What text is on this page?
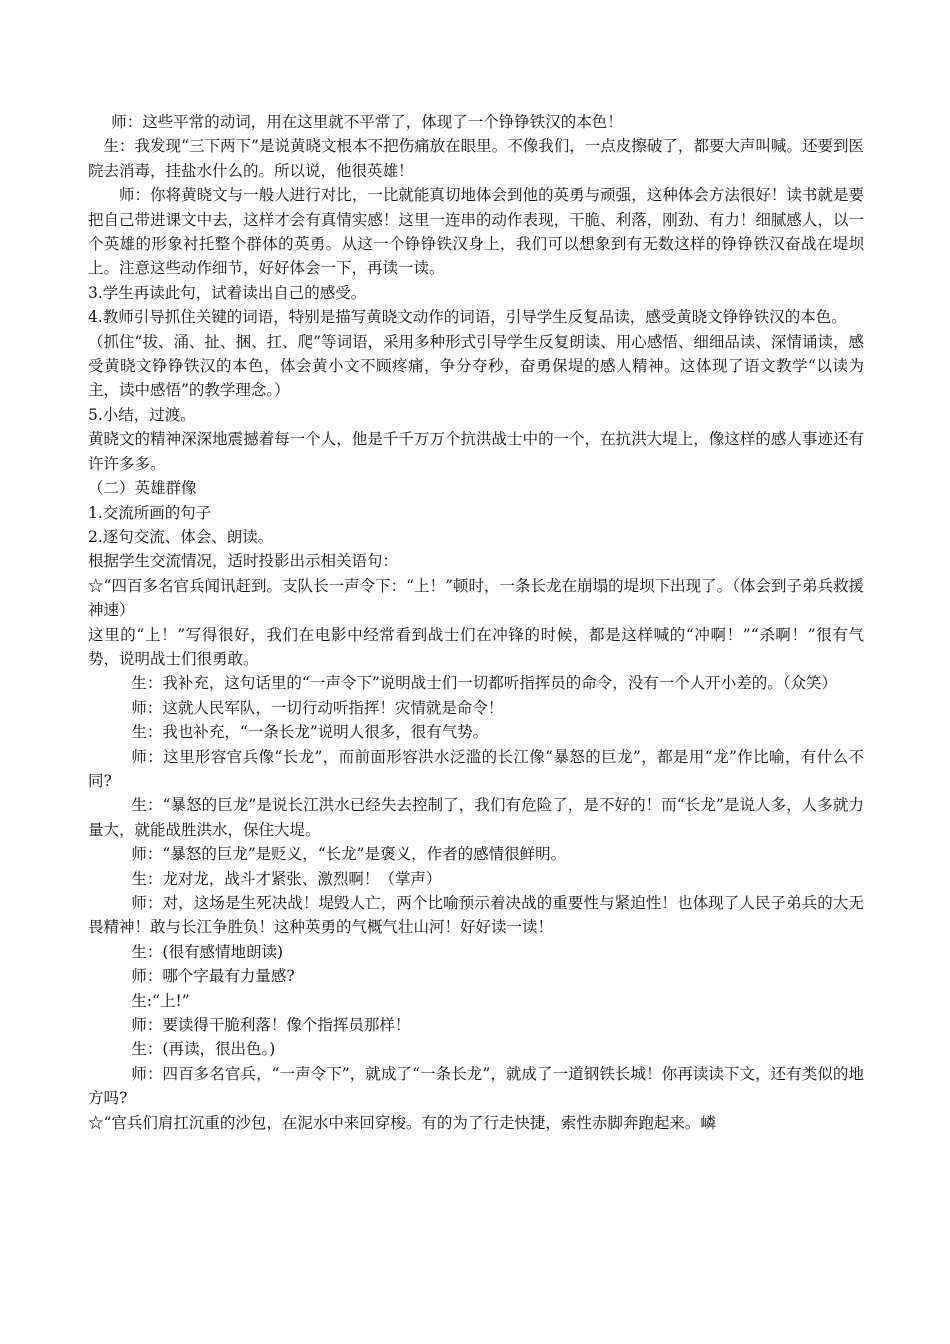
师：这些平常的动词，用在这里就不平常了，体现了一个铮铮铁汉的本色！

生：我发现“三下两下”是说黄晓文根本不把伤痛放在眼里。不像我们，一点皮擦破了，都要大声叫喊。还要到医院去消毒，挂盐水什么的。所以说，他很英雄！

师：你将黄晓文与一般人进行对比，一比就能真切地体会到他的英勇与顽强，这种体会方法很好！读书就是要把自己带进课文中去，这样才会有真情实感！这里一连串的动作表现，干脆、利落，刚劲、有力！细腻感人，以一个英雄的形象衬托整个群体的英勇。从这一个铮铮铁汉身上，我们可以想象到有无数这样的铮铮铁汉奋战在堤坝上。注意这些动作细节，好好体会一下，再读一读。

3.学生再读此句，试着读出自己的感受。

4.教师引导抓住关键的词语，特别是描写黄晓文动作的词语，引导学生反复品读，感受黄晓文铮铮铁汉的本色。

（抓住“拔、涌、扯、捆、扛、爬”等词语，采用多种形式引导学生反复朗读、用心感悟、细细品读、深情诵读，感受黄晓文铮铮铁汉的本色，体会黄小文不顾疼痛，争分夺秒，奋勇保堤的感人精神。这体现了语文教学“以读为主，读中感悟”的教学理念。）

5.小结，过渡。

黄晓文的精神深深地震撼着每一个人，他是千千万万个抗洪战士中的一个，在抗洪大堤上，像这样的感人事迹还有许许多多。

（二）英雄群像

1.交流所画的句子

2.逐句交流、体会、朗读。

根据学生交流情况，适时投影出示相关语句：

☆“四百多名官兵闻讯赶到。支队长一声令下：“上！”顿时，一条长龙在崩塌的堤坝下出现了。（体会到子弟兵救援神速）

这里的“上！”写得很好，我们在电影中经常看到战士们在冲锋的时候，都是这样喊的“冲啊！”“杀啊！”很有气势，说明战士们很勇敢。

生：我补充，这句话里的“一声令下”说明战士们一切都听指挥员的命令，没有一个人开小差的。（众笑）

师：这就人民军队，一切行动听指挥！灾情就是命令！

生：我也补充，“一条长龙”说明人很多，很有气势。

师：这里形容官兵像“长龙”，而前面形容洪水泛滥的长江像“暴怒的巨龙”，都是用“龙”作比喻，有什么不同?

生：“暴怒的巨龙”是说长江洪水已经失去控制了，我们有危险了，是不好的！而“长龙”是说人多，人多就力量大，就能战胜洪水，保住大堤。

师：“暴怒的巨龙”是贬义，“长龙”是褒义，作者的感情很鲜明。

生：龙对龙，战斗才紧张、激烈啊！（掌声）

师：对，这场是生死决战！堤毁人亡，两个比喻预示着决战的重要性与紧迫性！也体现了人民子弟兵的大无畏精神！敢与长江争胜负！这种英勇的气概气壮山河！好好读一读！

生：(很有感情地朗读)

师：哪个字最有力量感?

生:“上!”

师：要读得干脆利落！像个指挥员那样！

生：(再读，很出色。)

师：四百多名官兵，“一声令下”，就成了“一条长龙”，就成了一道钢铁长城！你再读读下文，还有类似的地方吗?

☆“官兵们肩扛沉重的沙包，在泥水中来回穿梭。有的为了行走快捷，索性赤脚奔跑起来。嶙
